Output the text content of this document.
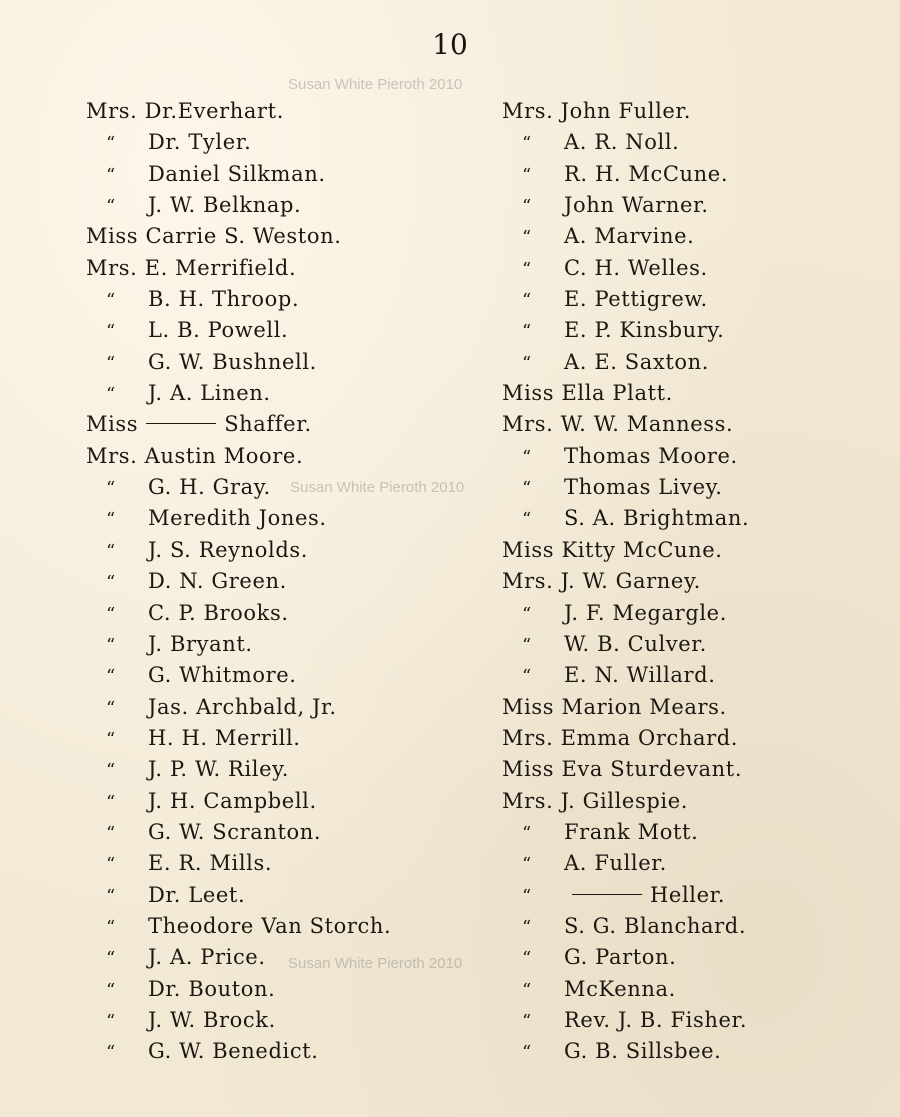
10
Susan White Pieroth 2010
Susan White Pieroth 2010
Susan White Pieroth 2010
Mrs. Dr.Everhart.
“	Dr. Tyler.
“	Daniel Silkman.
“	J. W. Belknap.
Miss Carrie S. Weston.
Mrs. E. Merrifield.
“	B. H. Throop.
“	L. B. Powell.
“	G. W. Bushnell.
“	J. A. Linen.
Miss	Shaffer.
Mrs. Austin Moore.
“	G. H. Gray.
“	Meredith Jones.
“	J. S. Reynolds.
“	D. N. Green.
“	C. P. Brooks.
“	J. Bryant.
“	G. Whitmore.
“	Jas. Archbald, Jr.
“	H. H. Merrill.
“	J. P. W. Riley.
“	J. H. Campbell.
“	G. W. Scranton.
“	E. R. Mills.
“	Dr. Leet.
“	Theodore Van Storch.
“	J. A. Price.
“	Dr. Bouton.
“	J. W. Brock.
“	G. W. Benedict.
Mrs. John Fuller.
“	A. R. Noll.
“	R. H. McCune.
“	John Warner.
“	A. Marvine.
“	C. H. Welles.
“	E. Pettigrew.
“	E. P. Kinsbury.
“	A. E. Saxton.
Miss Ella Platt.
Mrs. W. W. Manness.
“	Thomas Moore.
“	Thomas Livey.
“	S. A. Brightman.
Miss Kitty McCune.
Mrs. J. W. Garney.
“	J. F. Megargle.
“	W. B. Culver.
“	E. N. Willard.
Miss Marion Mears.
Mrs. Emma Orchard.
Miss Eva Sturdevant.
Mrs. J. Gillespie.
“	Frank Mott.
“	A. Fuller.
“	Heller.
“	S. G. Blanchard.
“	G. Parton.
“	McKenna.
“	Rev. J. B. Fisher.
“	G. B. Sillsbee.
